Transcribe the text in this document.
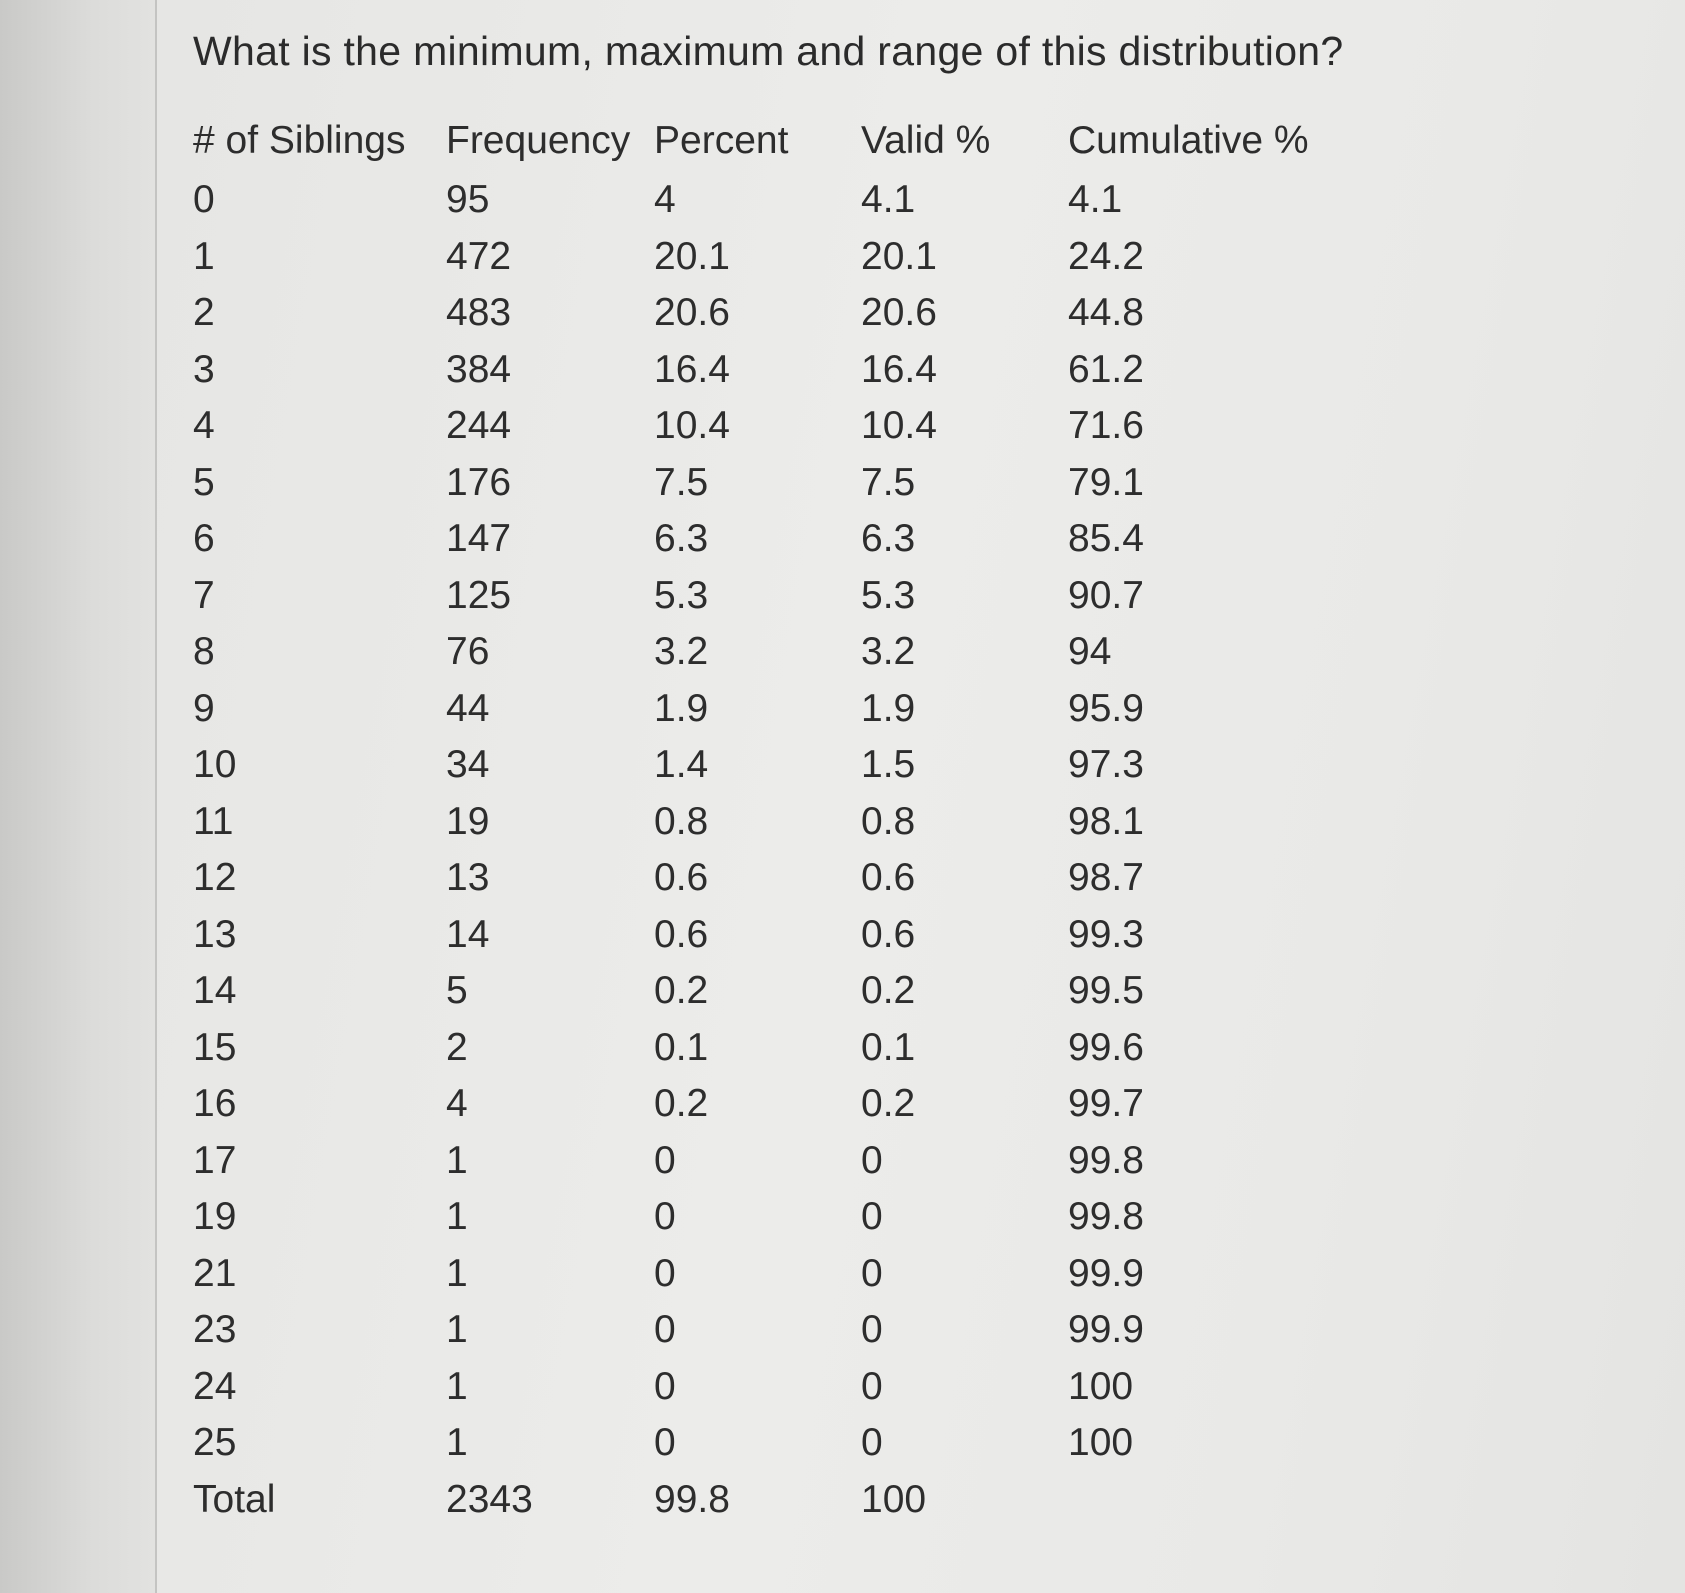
What is the minimum, maximum and range of this distribution?
# of Siblings	Frequency	Percent	Valid %	Cumulative %
0	95	4	4.1	4.1
1	472	20.1	20.1	24.2
2	483	20.6	20.6	44.8
3	384	16.4	16.4	61.2
4	244	10.4	10.4	71.6
5	176	7.5	7.5	79.1
6	147	6.3	6.3	85.4
7	125	5.3	5.3	90.7
8	76	3.2	3.2	94
9	44	1.9	1.9	95.9
10	34	1.4	1.5	97.3
11	19	0.8	0.8	98.1
12	13	0.6	0.6	98.7
13	14	0.6	0.6	99.3
14	5	0.2	0.2	99.5
15	2	0.1	0.1	99.6
16	4	0.2	0.2	99.7
17	1	0	0	99.8
19	1	0	0	99.8
21	1	0	0	99.9
23	1	0	0	99.9
24	1	0	0	100
25	1	0	0	100
Total	2343	99.8	100	
